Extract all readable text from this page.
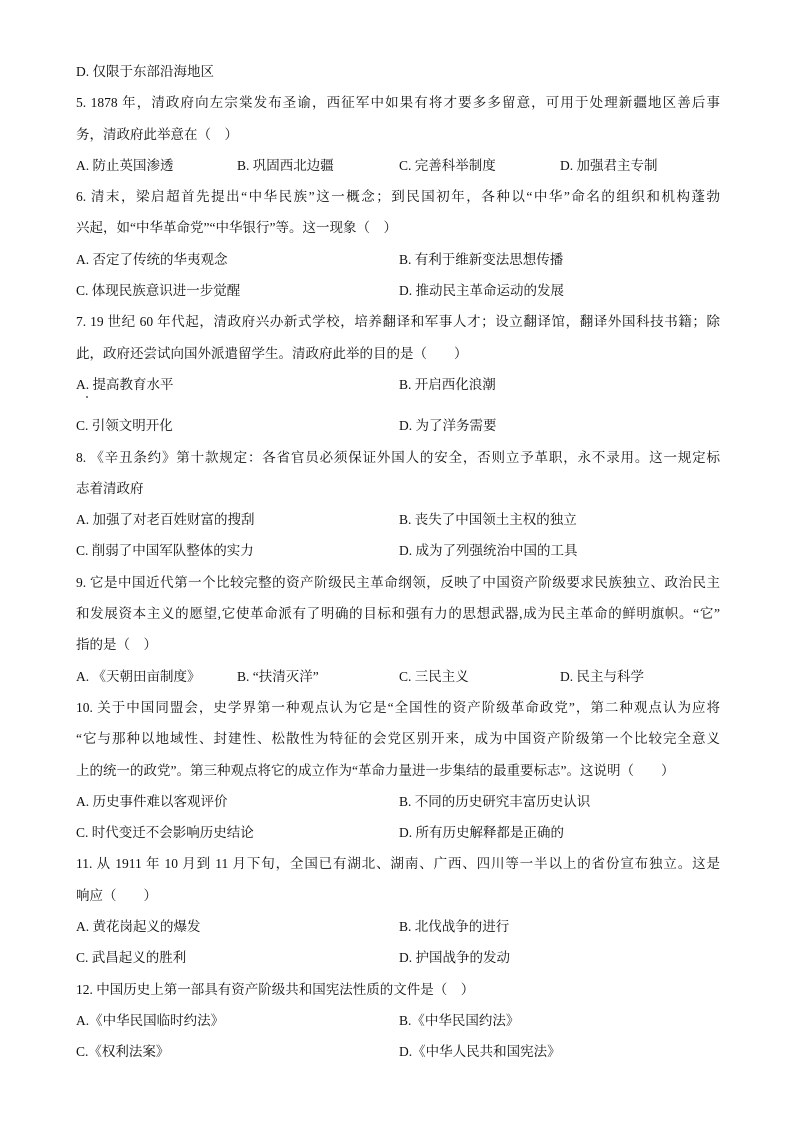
D. 仅限于东部沿海地区
5. 1878 年，清政府向左宗棠发布圣谕，西征军中如果有将才要多多留意，可用于处理新疆地区善后事
务，清政府此举意在（　）
A. 防止英国渗透	B. 巩固西北边疆	C. 完善科举制度	D. 加强君主专制
6. 清末，梁启超首先提出“中华民族”这一概念；到民国初年，各种以“中华”命名的组织和机构蓬勃
兴起，如“中华革命党”“中华银行”等。这一现象（　）
A. 否定了传统的华夷观念	B. 有利于维新变法思想传播
C. 体现民族意识进一步觉醒	D. 推动民主革命运动的发展
7. 19 世纪 60 年代起，清政府兴办新式学校，培养翻译和军事人才；设立翻译馆，翻译外国科技书籍；除
此，政府还尝试向国外派遣留学生。清政府此举的目的是（　　）
A. 提高教育水平	B. 开启西化浪潮
C. 引领文明开化	D. 为了洋务需要
8. 《辛丑条约》第十款规定：各省官员必须保证外国人的安全，否则立予革职，永不录用。这一规定标
志着清政府
A. 加强了对老百姓财富的搜刮	B. 丧失了中国领土主权的独立
C. 削弱了中国军队整体的实力	D. 成为了列强统治中国的工具
9. 它是中国近代第一个比较完整的资产阶级民主革命纲领，反映了中国资产阶级要求民族独立、政治民主
和发展资本主义的愿望,它使革命派有了明确的目标和强有力的思想武器,成为民主革命的鲜明旗帜。“它”
指的是（　）
A. 《天朝田亩制度》	B. “扶清灭洋”	C. 三民主义	D. 民主与科学
10. 关于中国同盟会，史学界第一种观点认为它是“全国性的资产阶级革命政党”，第二种观点认为应将
“它与那种以地域性、封建性、松散性为特征的会党区别开来，成为中国资产阶级第一个比较完全意义
上的统一的政党”。第三种观点将它的成立作为“革命力量进一步集结的最重要标志”。这说明（　　）
A. 历史事件难以客观评价	B. 不同的历史研究丰富历史认识
C. 时代变迁不会影响历史结论	D. 所有历史解释都是正确的
11. 从 1911 年 10 月到 11 月下旬，全国已有湖北、湖南、广西、四川等一半以上的省份宣布独立。这是
响应（　　）
A. 黄花岗起义的爆发	B. 北伐战争的进行
C. 武昌起义的胜利	D. 护国战争的发动
12. 中国历史上第一部具有资产阶级共和国宪法性质的文件是（　）
A.《中华民国临时约法》	B.《中华民国约法》
C.《权利法案》	D.《中华人民共和国宪法》
